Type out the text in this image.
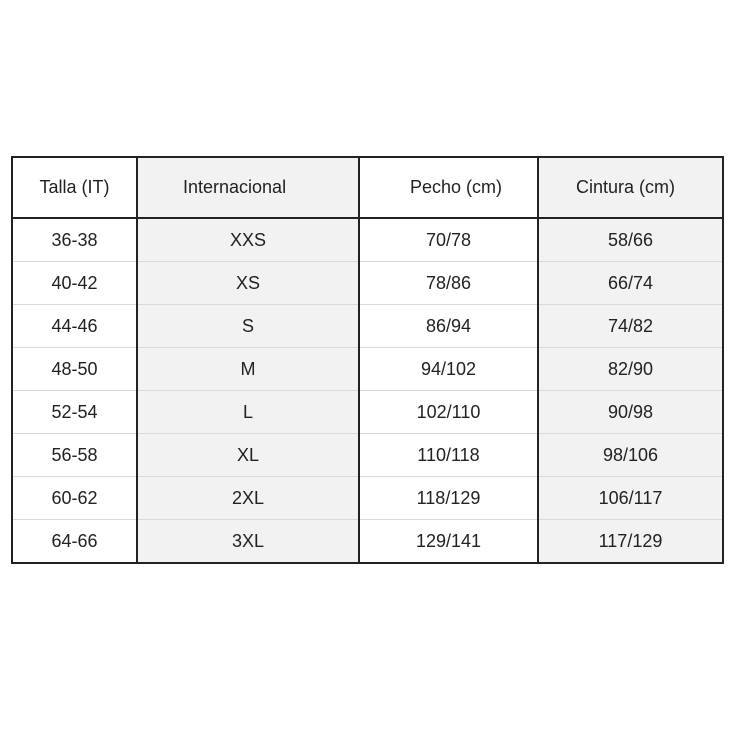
Talla (IT)	Internacional	Pecho (cm)	Cintura (cm)
36-38	XXS	70/78	58/66
40-42	XS	78/86	66/74
44-46	S	86/94	74/82
48-50	M	94/102	82/90
52-54	L	102/110	90/98
56-58	XL	110/118	98/106
60-62	2XL	118/129	106/117
64-66	3XL	129/141	117/129
